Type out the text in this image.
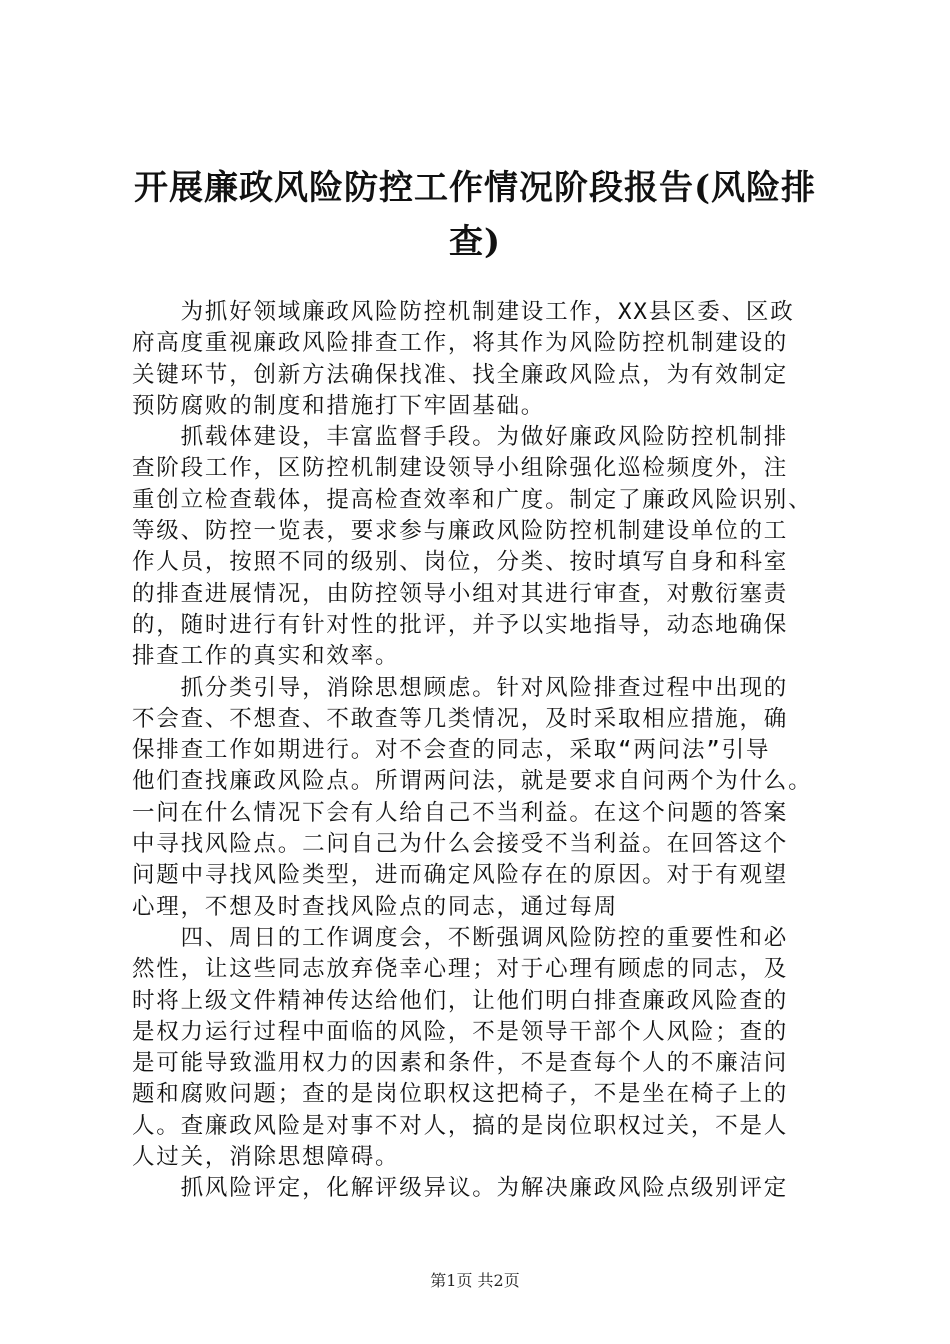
开展廉政风险防控工作情况阶段报告(风险排
查)
　　为抓好领域廉政风险防控机制建设工作，XX县区委、区政
府高度重视廉政风险排查工作，将其作为风险防控机制建设的
关键环节，创新方法确保找准、找全廉政风险点，为有效制定
预防腐败的制度和措施打下牢固基础。
　　抓载体建设，丰富监督手段。为做好廉政风险防控机制排
查阶段工作，区防控机制建设领导小组除强化巡检频度外，注
重创立检查载体，提高检查效率和广度。制定了廉政风险识别、
等级、防控一览表，要求参与廉政风险防控机制建设单位的工
作人员，按照不同的级别、岗位，分类、按时填写自身和科室
的排查进展情况，由防控领导小组对其进行审查，对敷衍塞责
的，随时进行有针对性的批评，并予以实地指导，动态地确保
排查工作的真实和效率。
　　抓分类引导，消除思想顾虑。针对风险排查过程中出现的
不会查、不想查、不敢查等几类情况，及时采取相应措施，确
保排查工作如期进行。对不会查的同志，采取“两问法”引导
他们查找廉政风险点。所谓两问法，就是要求自问两个为什么。
一问在什么情况下会有人给自己不当利益。在这个问题的答案
中寻找风险点。二问自己为什么会接受不当利益。在回答这个
问题中寻找风险类型，进而确定风险存在的原因。对于有观望
心理，不想及时查找风险点的同志，通过每周
　　四、周日的工作调度会，不断强调风险防控的重要性和必
然性，让这些同志放弃侥幸心理；对于心理有顾虑的同志，及
时将上级文件精神传达给他们，让他们明白排查廉政风险查的
是权力运行过程中面临的风险，不是领导干部个人风险；查的
是可能导致滥用权力的因素和条件，不是查每个人的不廉洁问
题和腐败问题；查的是岗位职权这把椅子，不是坐在椅子上的
人。查廉政风险是对事不对人，搞的是岗位职权过关，不是人
人过关，消除思想障碍。
　　抓风险评定，化解评级异议。为解决廉政风险点级别评定
第1页 共2页
